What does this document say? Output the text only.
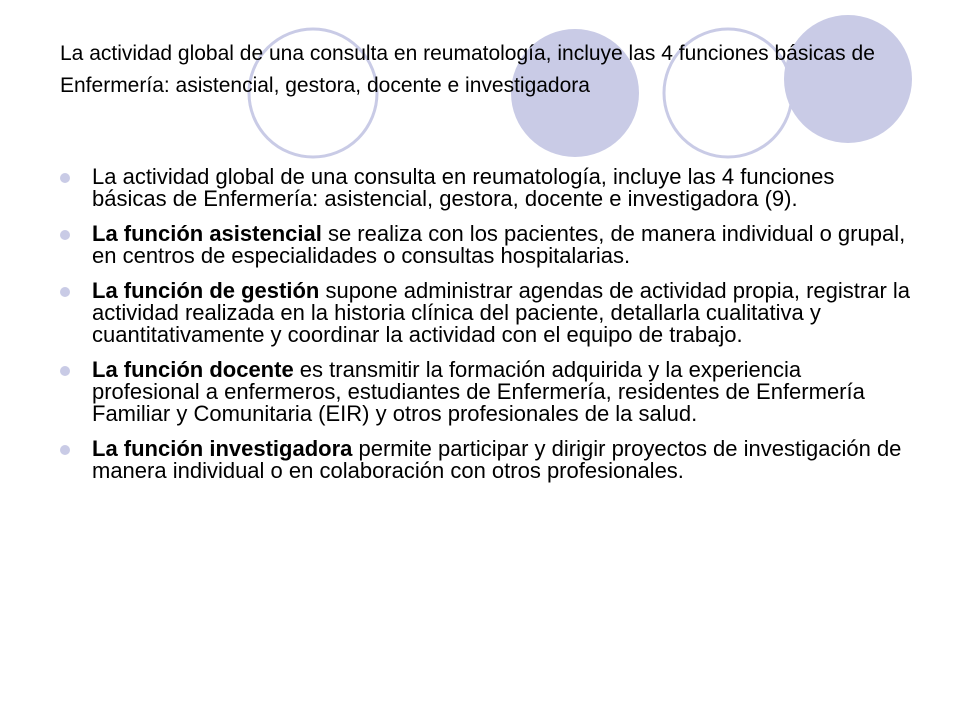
La actividad global de una consulta en reumatología, incluye las 4 funciones básicas de Enfermería: asistencial, gestora, docente e investigadora
La actividad global de una consulta en reumatología, incluye las 4 funciones básicas de Enfermería: asistencial, gestora, docente e investigadora (9).
La función asistencial se realiza con los pacientes, de manera individual o grupal, en centros de especialidades o consultas hospitalarias.
La función de gestión supone administrar agendas de actividad propia, registrar la actividad realizada en la historia clínica del paciente, detallarla cualitativa y cuantitativamente y coordinar la actividad con el equipo de trabajo.
La función docente es transmitir la formación adquirida y la experiencia profesional a enfermeros, estudiantes de Enfermería, residentes de Enfermería Familiar y Comunitaria (EIR) y otros profesionales de la salud.
La función investigadora permite participar y dirigir proyectos de investigación de manera individual o en colaboración con otros profesionales.
